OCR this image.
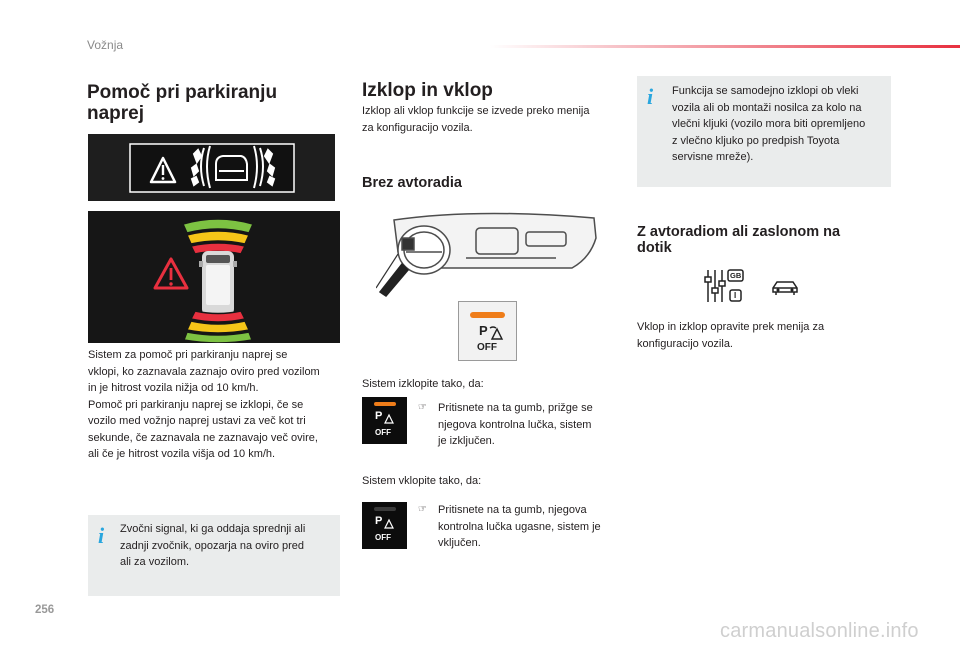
Vožnja
Pomoč pri parkiranju
naprej
Sistem za pomoč pri parkiranju naprej se
vklopi, ko zaznavala zaznajo oviro pred vozilom
in je hitrost vozila nižja od 10 km/h.
Pomoč pri parkiranju naprej se izklopi, če se
vozilo med vožnjo naprej ustavi za več kot tri
sekunde, če zaznavala ne zaznavajo več ovire,
ali če je hitrost vozila višja od 10 km/h.
i Zvočni signal, ki ga oddaja sprednji ali
zadnji zvočnik, opozarja na oviro pred
ali za vozilom.
Izklop in vklop
Izklop ali vklop funkcije se izvede preko menija
za konfiguracijo vozila.
Brez avtoradia
P
OFF
Sistem izklopite tako, da:
P
OFF
☞ Pritisnete na ta gumb, prižge se
njegova kontrolna lučka, sistem
je izključen.
Sistem vklopite tako, da:
P
OFF
☞ Pritisnete na ta gumb, njegova
kontrolna lučka ugasne, sistem je
vključen.
i Funkcija se samodejno izklopi ob vleki
vozila ali ob montaži nosilca za kolo na
vlečni kljuki (vozilo mora biti opremljeno
z vlečno kljuko po predpish Toyota
servisne mreže).
Z avtoradiom ali zaslonom na
dotik
GB
I
Vklop in izklop opravite prek menija za
konfiguracijo vozila.
256
carmanualsonline.info
